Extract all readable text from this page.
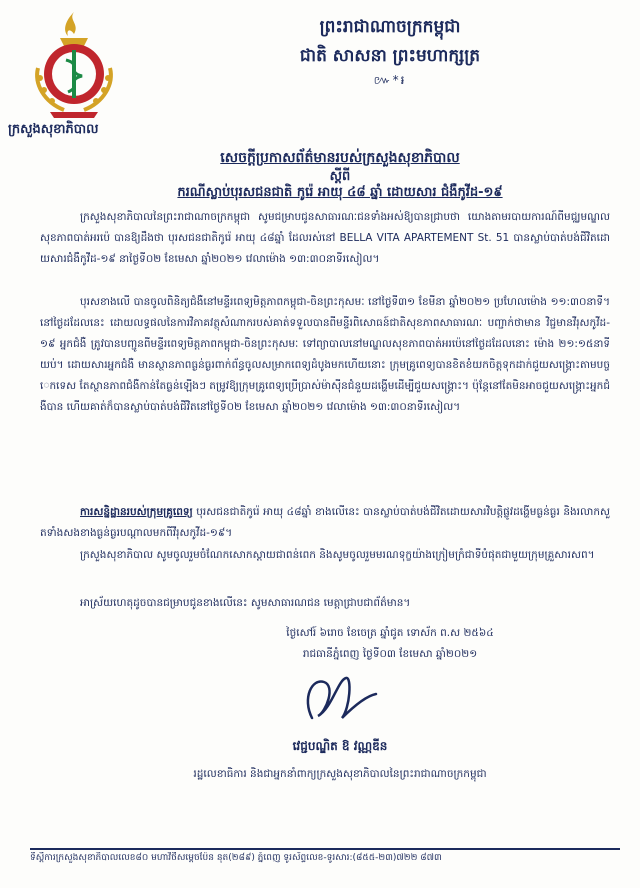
ព្រះរាជាណាចក្រកម្ពុជា
ជាតិ សាសនា ព្រះមហាក្សត្រ
៚*៛
ក្រសួងសុខាភិបាល
សេចក្ដីប្រកាសព័ត៌មានរបស់ក្រសួងសុខាភិបាល
ស្តីពី
ករណីស្លាប់បុរសជនជាតិ កូរ៉េ អាយុ ៤៨ ឆ្នាំ ដោយសារ ជំងឺកូវីដ-១៩
ក្រសួងសុខាភិបាលនៃព្រះរាជាណាចក្រកម្ពុជា សូមជម្រាបជូនសាធារណៈជនទាំងអស់ឱ្យបានជ្រាបថា យោងតាមរបាយការណ៍ពីមជ្ឈមណ្ឌលសុខភាពបាត់អរប៉េ បានឱ្យដឹងថា បុរសជនជាតិកូរ៉េ អាយុ ៤៨ឆ្នាំ ដែលរស់នៅ BELLA VITA APARTEMENT St. 51 បានស្លាប់បាត់បង់ជីវិតដោយសារជំងឺកូវីដ-១៩ នាថ្ងៃទី០២ ខែមេសា ឆ្នាំ២០២១ វេលាម៉ោង ១៣:៣០នាទីរសៀល។
បុរសខាងលើ បានចូលពិនិត្យជំងឺនៅមន្ទីរពេទ្យមិត្តភាពកម្ពុជា-ចិនព្រះកុសមៈ នៅថ្ងៃទី៣១ ខែមីនា ឆ្នាំ២០២១ ប្រហែលម៉ោង ១១:៣០នាទី។ នៅថ្ងៃដដែលនេះ ដោយលទ្ធផលនៃការវិភាគវត្ថុសំណាករបស់គាត់ទទួលបានពីមន្ទីរពិសោធន៍ជាតិសុខភាពសាធារណៈ បញ្ជាក់ថាមាន វិជ្ជមានវីរុសកូវីដ-១៩ អ្នកជំងឺ ត្រូវបានបញ្ជូនពីមន្ទីរពេទ្យមិត្តភាពកម្ពុជា-ចិនព្រះកុសមៈ ទៅព្យាបាលនៅមណ្ឌលសុខភាពបាត់អរប៉េនៅថ្ងៃដដែលនោះ ម៉ោង ២១:១៥នាទីយប់។ ដោយសារអ្នកជំងឺ មានស្ថានភាពធ្ងន់ធ្ងរពាក់ព័ន្ធចូលសម្រាកពេទ្យដំបូងមកហើយនោះ ក្រុមគ្រូពេទ្យបានខិតខំយកចិត្តទុកដាក់ជួយសង្គ្រោះតាមបច្ចេកទេស តែស្ថានភាពជំងឺកាន់តែធ្ងន់ឡើងៗ តម្រូវឱ្យក្រុមគ្រូពេទ្យប្រើប្រាស់ម៉ាស៊ីនជំនួយដង្ហើមដើម្បីជួយសង្គ្រោះ។ ប៉ុន្តែនៅតែមិនអាចជួយសង្គ្រោះអ្នកជំងឺបាន ហើយគាត់ក៏បានស្លាប់បាត់បង់ជីវិតនៅថ្ងៃទី០២ ខែមេសា ឆ្នាំ២០២១ វេលាម៉ោង ១៣:៣០នាទីរសៀល។
ការសន្និដ្ឋានរបស់ក្រុមគ្រូពេទ្យ បុរសជនជាតិកូរ៉េ អាយុ ៤៨ឆ្នាំ ខាងលើនេះ បានស្លាប់បាត់បង់ជីវិតដោយសារវិបត្តិផ្លូវដង្ហើមធ្ងន់ធ្ងរ និងរលាកសួតទាំងសងខាងធ្ងន់ធ្ងរបណ្តាលមកពីវីរុសកូវីដ-១៩។
ក្រសួងសុខាភិបាល សូមចូលរួមចំណែកសោកស្តាយជាពន់ពេក និងសូមចូលរួមមរណទុក្ខយ៉ាងក្រៀមក្រំជាទីបំផុតជាមួយក្រុមគ្រួសារសព។
អាស្រ័យហេតុដូចបានជម្រាបជូនខាងលើនេះ សូមសាធារណជន មេត្តាជ្រាបជាព័ត៌មាន។
ថ្ងៃសៅរ៍ ៦រោច ខែចេត្រ ឆ្នាំជូត ទោស័ក ព.ស ២៥៦៤
រាជធានីភ្នំពេញ ថ្ងៃទី០៣ ខែមេសា ឆ្នាំ២០២១
វេជ្ជបណ្ឌិត ឱ វណ្ណឌីន
រដ្ឋលេខាធិការ និងជាអ្នកនាំពាក្យក្រសួងសុខាភិបាលនៃព្រះរាជាណាចក្រកម្ពុជា
ទីស្តីការក្រសួងសុខាភិបាលលេខ៨០ មហាវិថីសម្តេចប៉ែន នុត(២៨៩) ភ្នំពេញ ទូរស័ព្ទលេខ-ទូរសារ:(៨៥៥-២៣)៧២២ ៨៧៣
